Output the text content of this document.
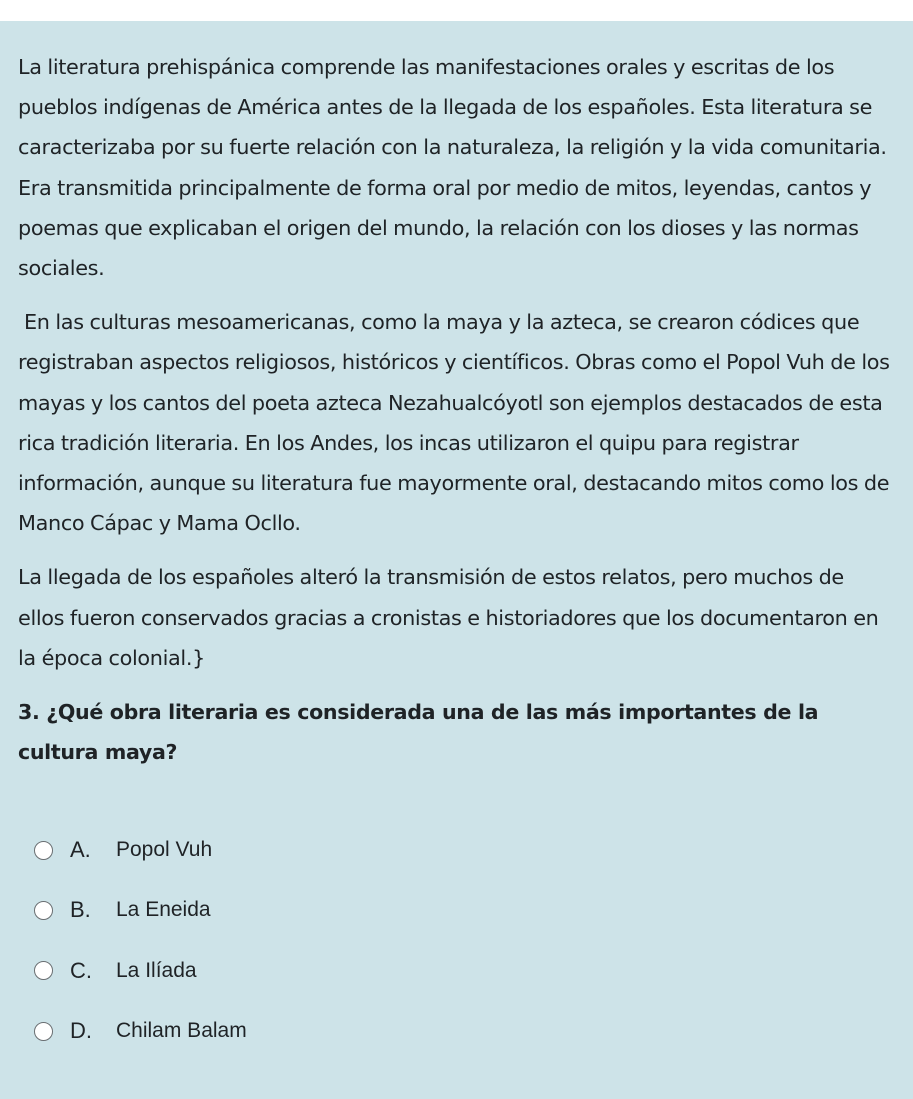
La literatura prehispánica comprende las manifestaciones orales y escritas de los pueblos indígenas de América antes de la llegada de los españoles. Esta literatura se caracterizaba por su fuerte relación con la naturaleza, la religión y la vida comunitaria. Era transmitida principalmente de forma oral por medio de mitos, leyendas, cantos y poemas que explicaban el origen del mundo, la relación con los dioses y las normas sociales.

En las culturas mesoamericanas, como la maya y la azteca, se crearon códices que registraban aspectos religiosos, históricos y científicos. Obras como el Popol Vuh de los mayas y los cantos del poeta azteca Nezahualcóyotl son ejemplos destacados de esta rica tradición literaria. En los Andes, los incas utilizaron el quipu para registrar información, aunque su literatura fue mayormente oral, destacando mitos como los de Manco Cápac y Mama Ocllo.

La llegada de los españoles alteró la transmisión de estos relatos, pero muchos de ellos fueron conservados gracias a cronistas e historiadores que los documentaron en la época colonial.}

3. ¿Qué obra literaria es considerada una de las más importantes de la cultura maya?
A.	Popol Vuh
B.	La Eneida
C.	La Ilíada
D.	Chilam Balam
